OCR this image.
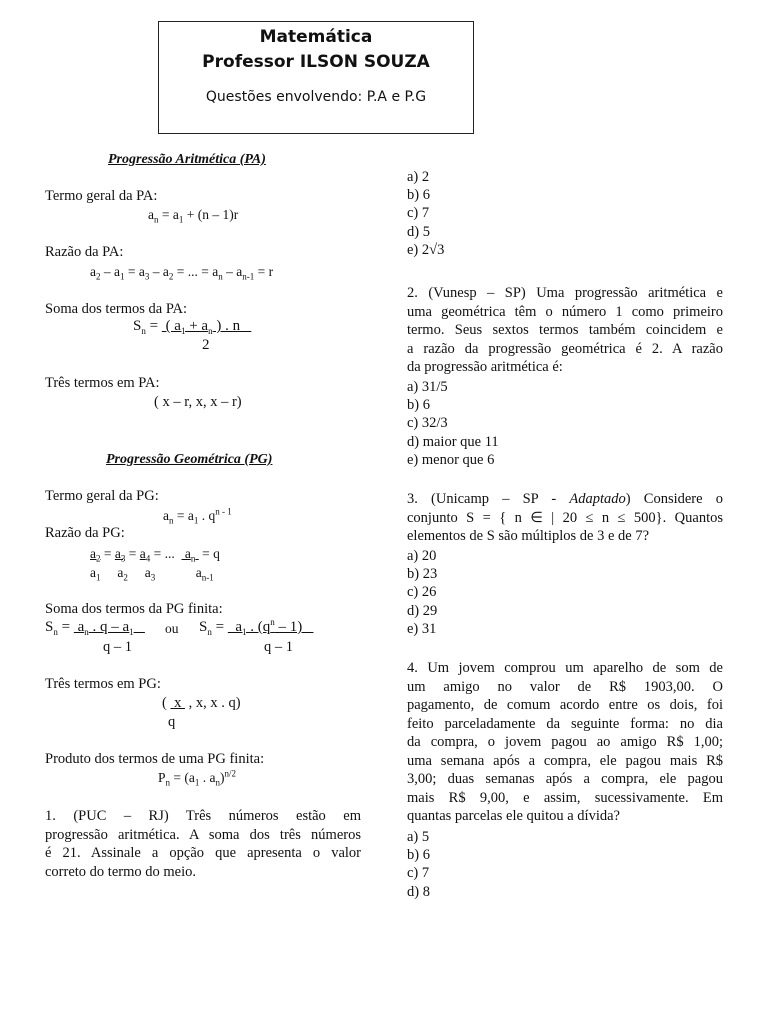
Matemática
Professor ILSON SOUZA
Questões envolvendo: P.A e P.G
Progressão Aritmética (PA)
Termo geral da PA:
$a_n = a_1 + (n - 1)r$
Razão da PA:
$a_2 - a_1 = a_3 - a_2$ = ... = $a_n - a_{n-1} = r$
Soma dos termos da PA:
$S_n$ =  ( $a_1 + a_n$ ) . n
2
Três termos em PA:
( x – r, x, x – r)
Progressão Geométrica (PG)
Termo geral da PG:
$a_n = a_1$ . $q^{n - 1}$
Razão da PG:
$a_2 = a_3 = a_4$ = ...   $a_n = q$
$a_1$     $a_2$     $a_3$            $a_{n-1}$
Soma dos termos da PG finita:
$S_n = a_n$ . q – $a_1$	ou $S_n = a_1$ . $(q^n - 1)$
q – 1	q – 1
Três termos em PG:
(  x  , x, x . q)
q
Produto dos termos de uma PG finita:
$P_n = (a_1$ . $a_n)^{n/2}$
1. (PUC – RJ) Três números estão em
progressão aritmética. A soma dos três números
é 21. Assinale a opção que apresenta o valor
correto do termo do meio.
a) 2
b) 6
c) 7
d) 5
e) 2√3
2. (Vunesp – SP) Uma progressão aritmética e
uma geométrica têm o número 1 como primeiro
termo. Seus sextos termos também coincidem e
a razão da progressão geométrica é 2. A razão
da progressão aritmética é:
a) 31/5
b) 6
c) 32/3
d) maior que 11
e) menor que 6
3. (Unicamp – SP - Adaptado) Considere o
conjunto S = { n ∈ | 20 ≤ n ≤ 500}. Quantos
elementos de S são múltiplos de 3 e de 7?
a) 20
b) 23
c) 26
d) 29
e) 31
4. Um jovem comprou um aparelho de som de
um amigo no valor de R$ 1903,00. O
pagamento, de comum acordo entre os dois, foi
feito parceladamente da seguinte forma: no dia
da compra, o jovem pagou ao amigo R$ 1,00;
uma semana após a compra, ele pagou mais R$
3,00; duas semanas após a compra, ele pagou
mais R$ 9,00, e assim, sucessivamente. Em
quantas parcelas ele quitou a dívida?
a) 5
b) 6
c) 7
d) 8
